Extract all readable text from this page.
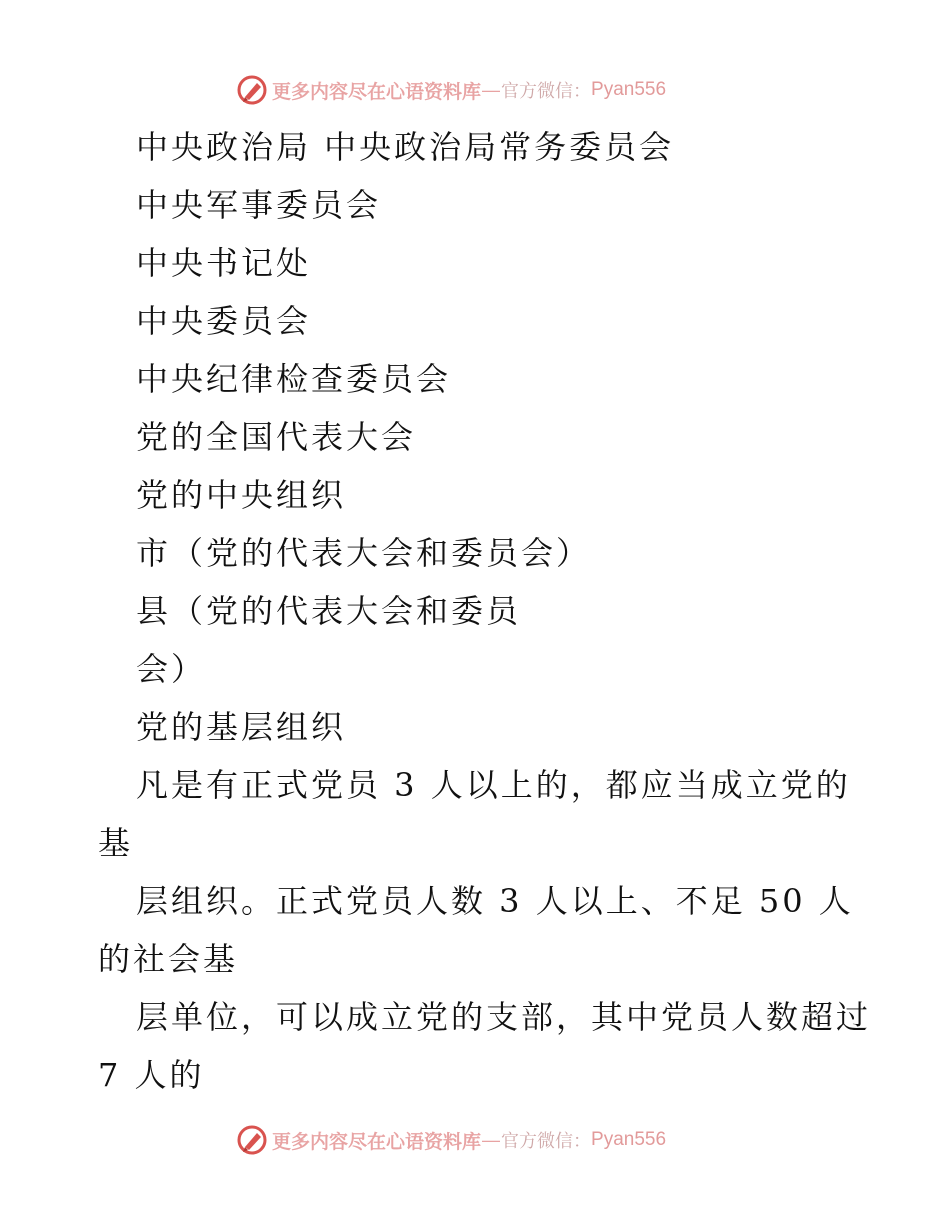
更多内容尽在心语资料库 — 官方微信： Pyan556
中央政治局 中央政治局常务委员会
中央军事委员会
中央书记处
中央委员会
中央纪律检查委员会
党的全国代表大会
党的中央组织
市（党的代表大会和委员会）
县（党的代表大会和委员
会）
党的基层组织
凡是有正式党员 3 人以上的，都应当成立党的
基
层组织。正式党员人数 3 人以上、不足 50 人
的社会基
层单位，可以成立党的支部，其中党员人数超过
7 人的
更多内容尽在心语资料库 — 官方微信： Pyan556
